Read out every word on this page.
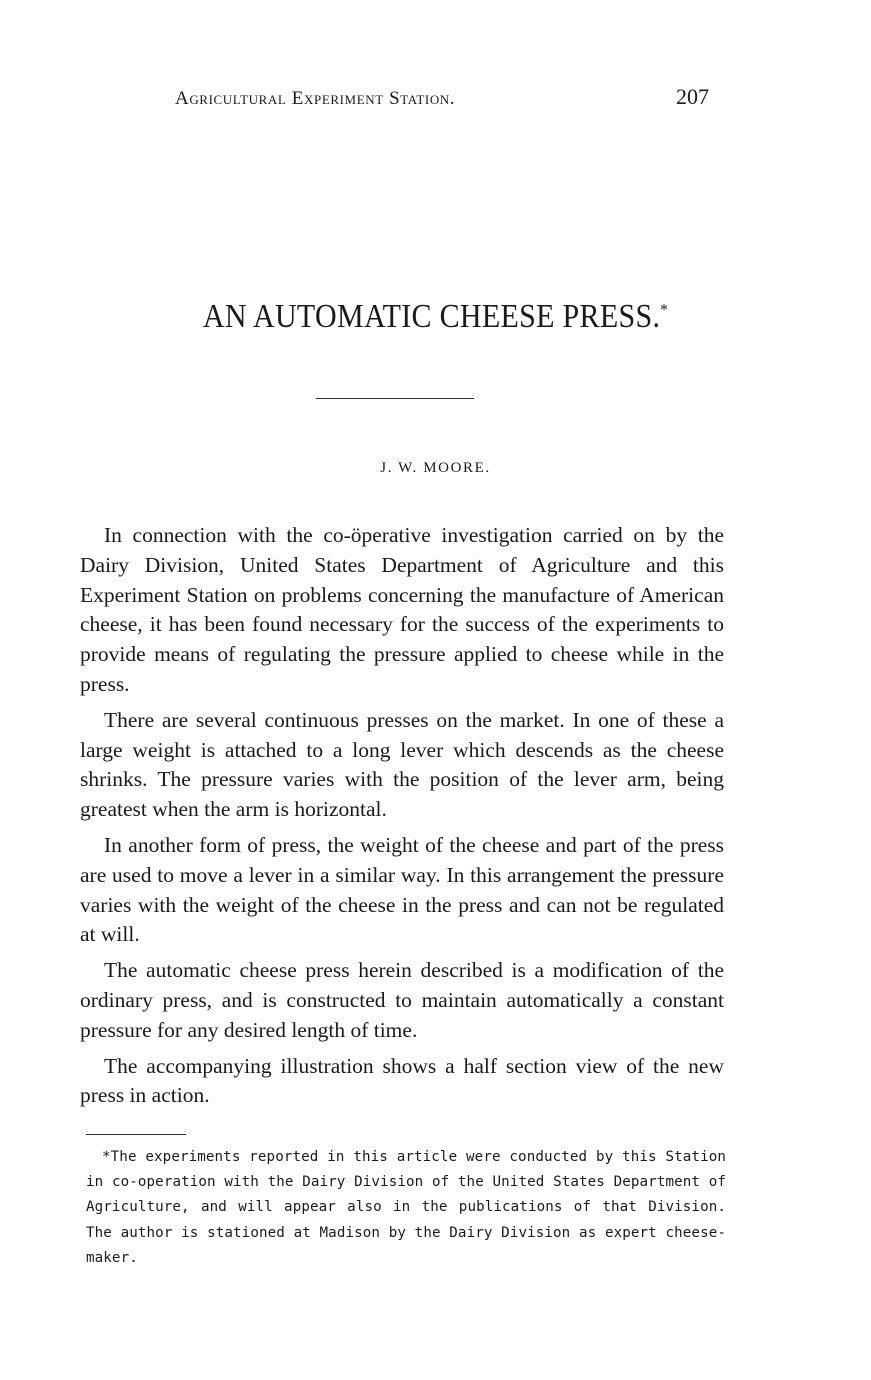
Agricultural Experiment Station.	207
AN AUTOMATIC CHEESE PRESS.*
J. W. MOORE.

In connection with the co-öperative investigation carried on by the Dairy Division, United States Department of Agriculture and this Experiment Station on problems concerning the manufacture of American cheese, it has been found necessary for the success of the experiments to provide means of regulating the pressure applied to cheese while in the press.

There are several continuous presses on the market. In one of these a large weight is attached to a long lever which descends as the cheese shrinks. The pressure varies with the position of the lever arm, being greatest when the arm is horizontal.

In another form of press, the weight of the cheese and part of the press are used to move a lever in a similar way. In this arrangement the pressure varies with the weight of the cheese in the press and can not be regulated at will.

The automatic cheese press herein described is a modification of the ordinary press, and is constructed to maintain automatically a constant pressure for any desired length of time.

The accompanying illustration shows a half section view of the new press in action.

*The experiments reported in this article were conducted by this Station in co-operation with the Dairy Division of the United States Department of Agriculture, and will appear also in the publications of that Division. The author is stationed at Madison by the Dairy Division as expert cheese-maker.
